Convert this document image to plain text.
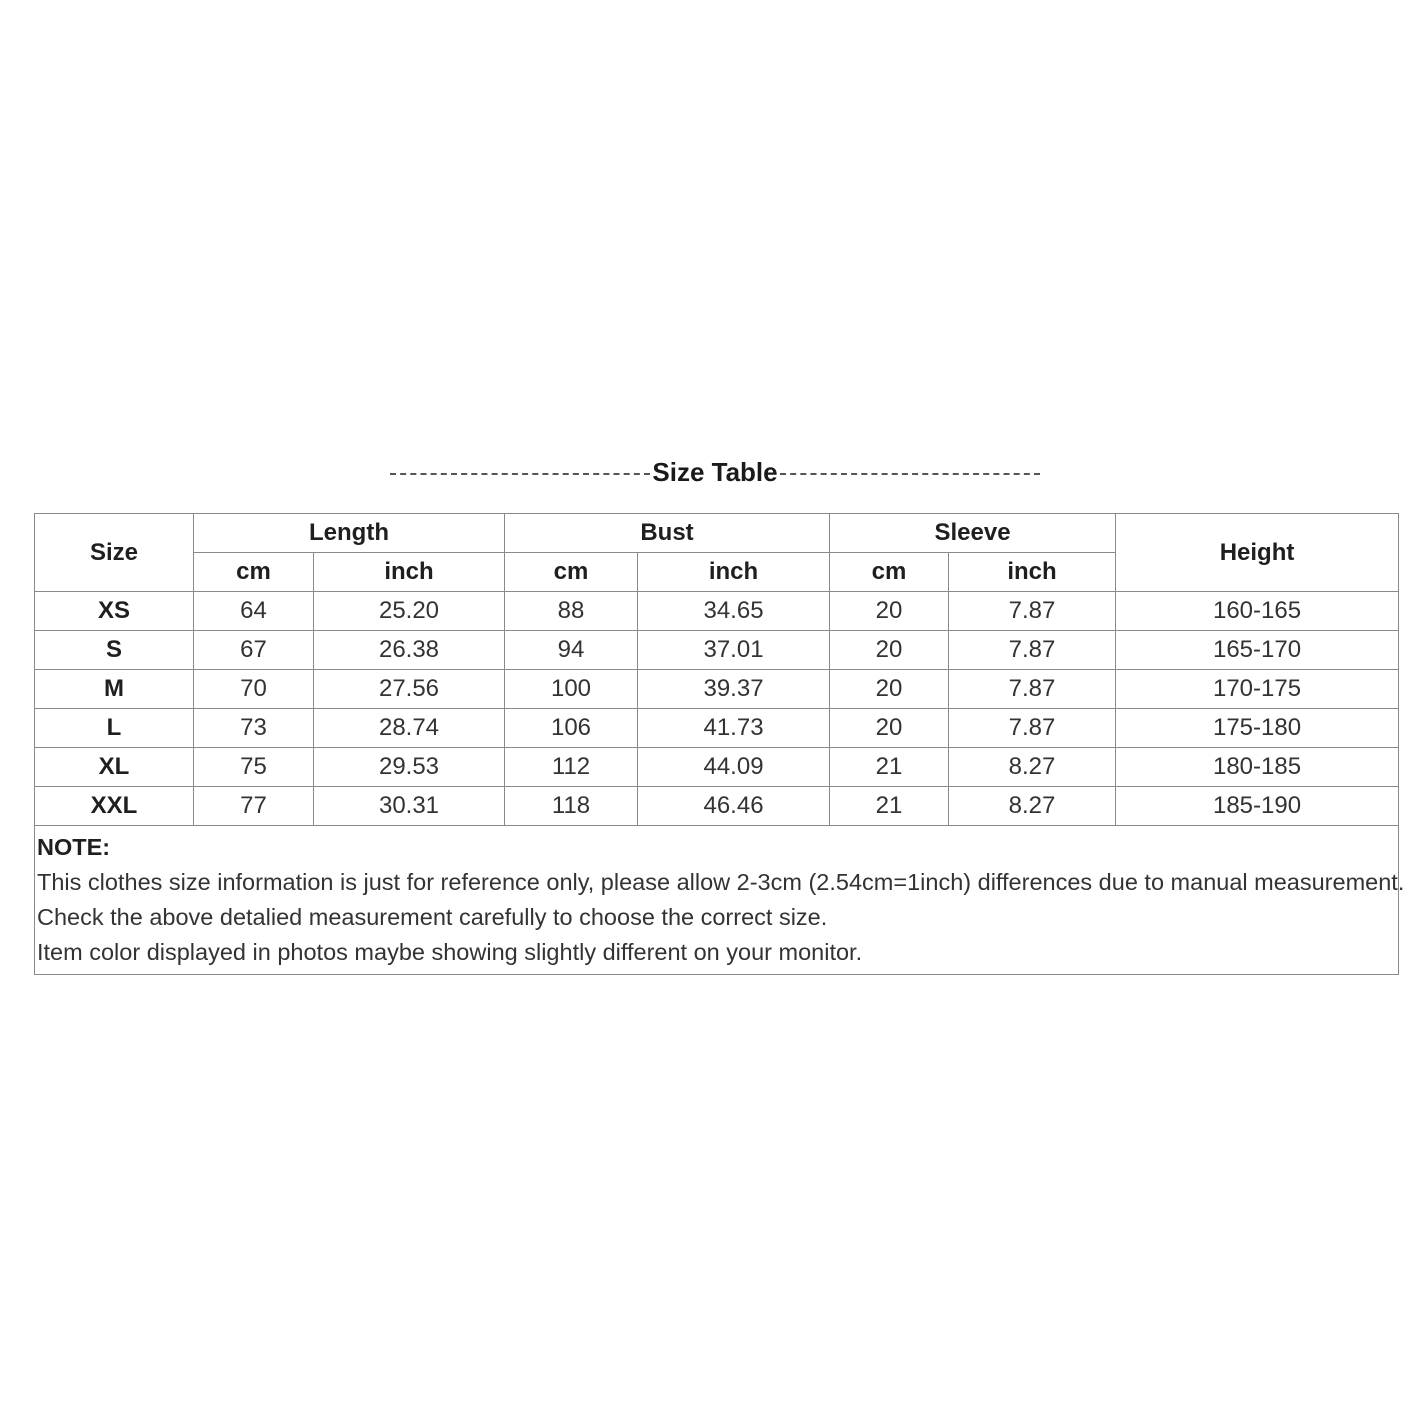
Size Table
Size	Length		Bust		Sleeve		Height
	cm	inch	cm	inch	cm	inch	
XS	64	25.20	88	34.65	20	7.87	160-165
S	67	26.38	94	37.01	20	7.87	165-170
M	70	27.56	100	39.37	20	7.87	170-175
L	73	28.74	106	41.73	20	7.87	175-180
XL	75	29.53	112	44.09	21	8.27	180-185
XXL	77	30.31	118	46.46	21	8.27	185-190

NOTE:
This clothes size information is just for reference only, please allow 2-3cm (2.54cm=1inch) differences due to manual measurement.
Check the above detalied measurement carefully to choose the correct size.
Item color displayed in photos maybe showing slightly different on your monitor.							
